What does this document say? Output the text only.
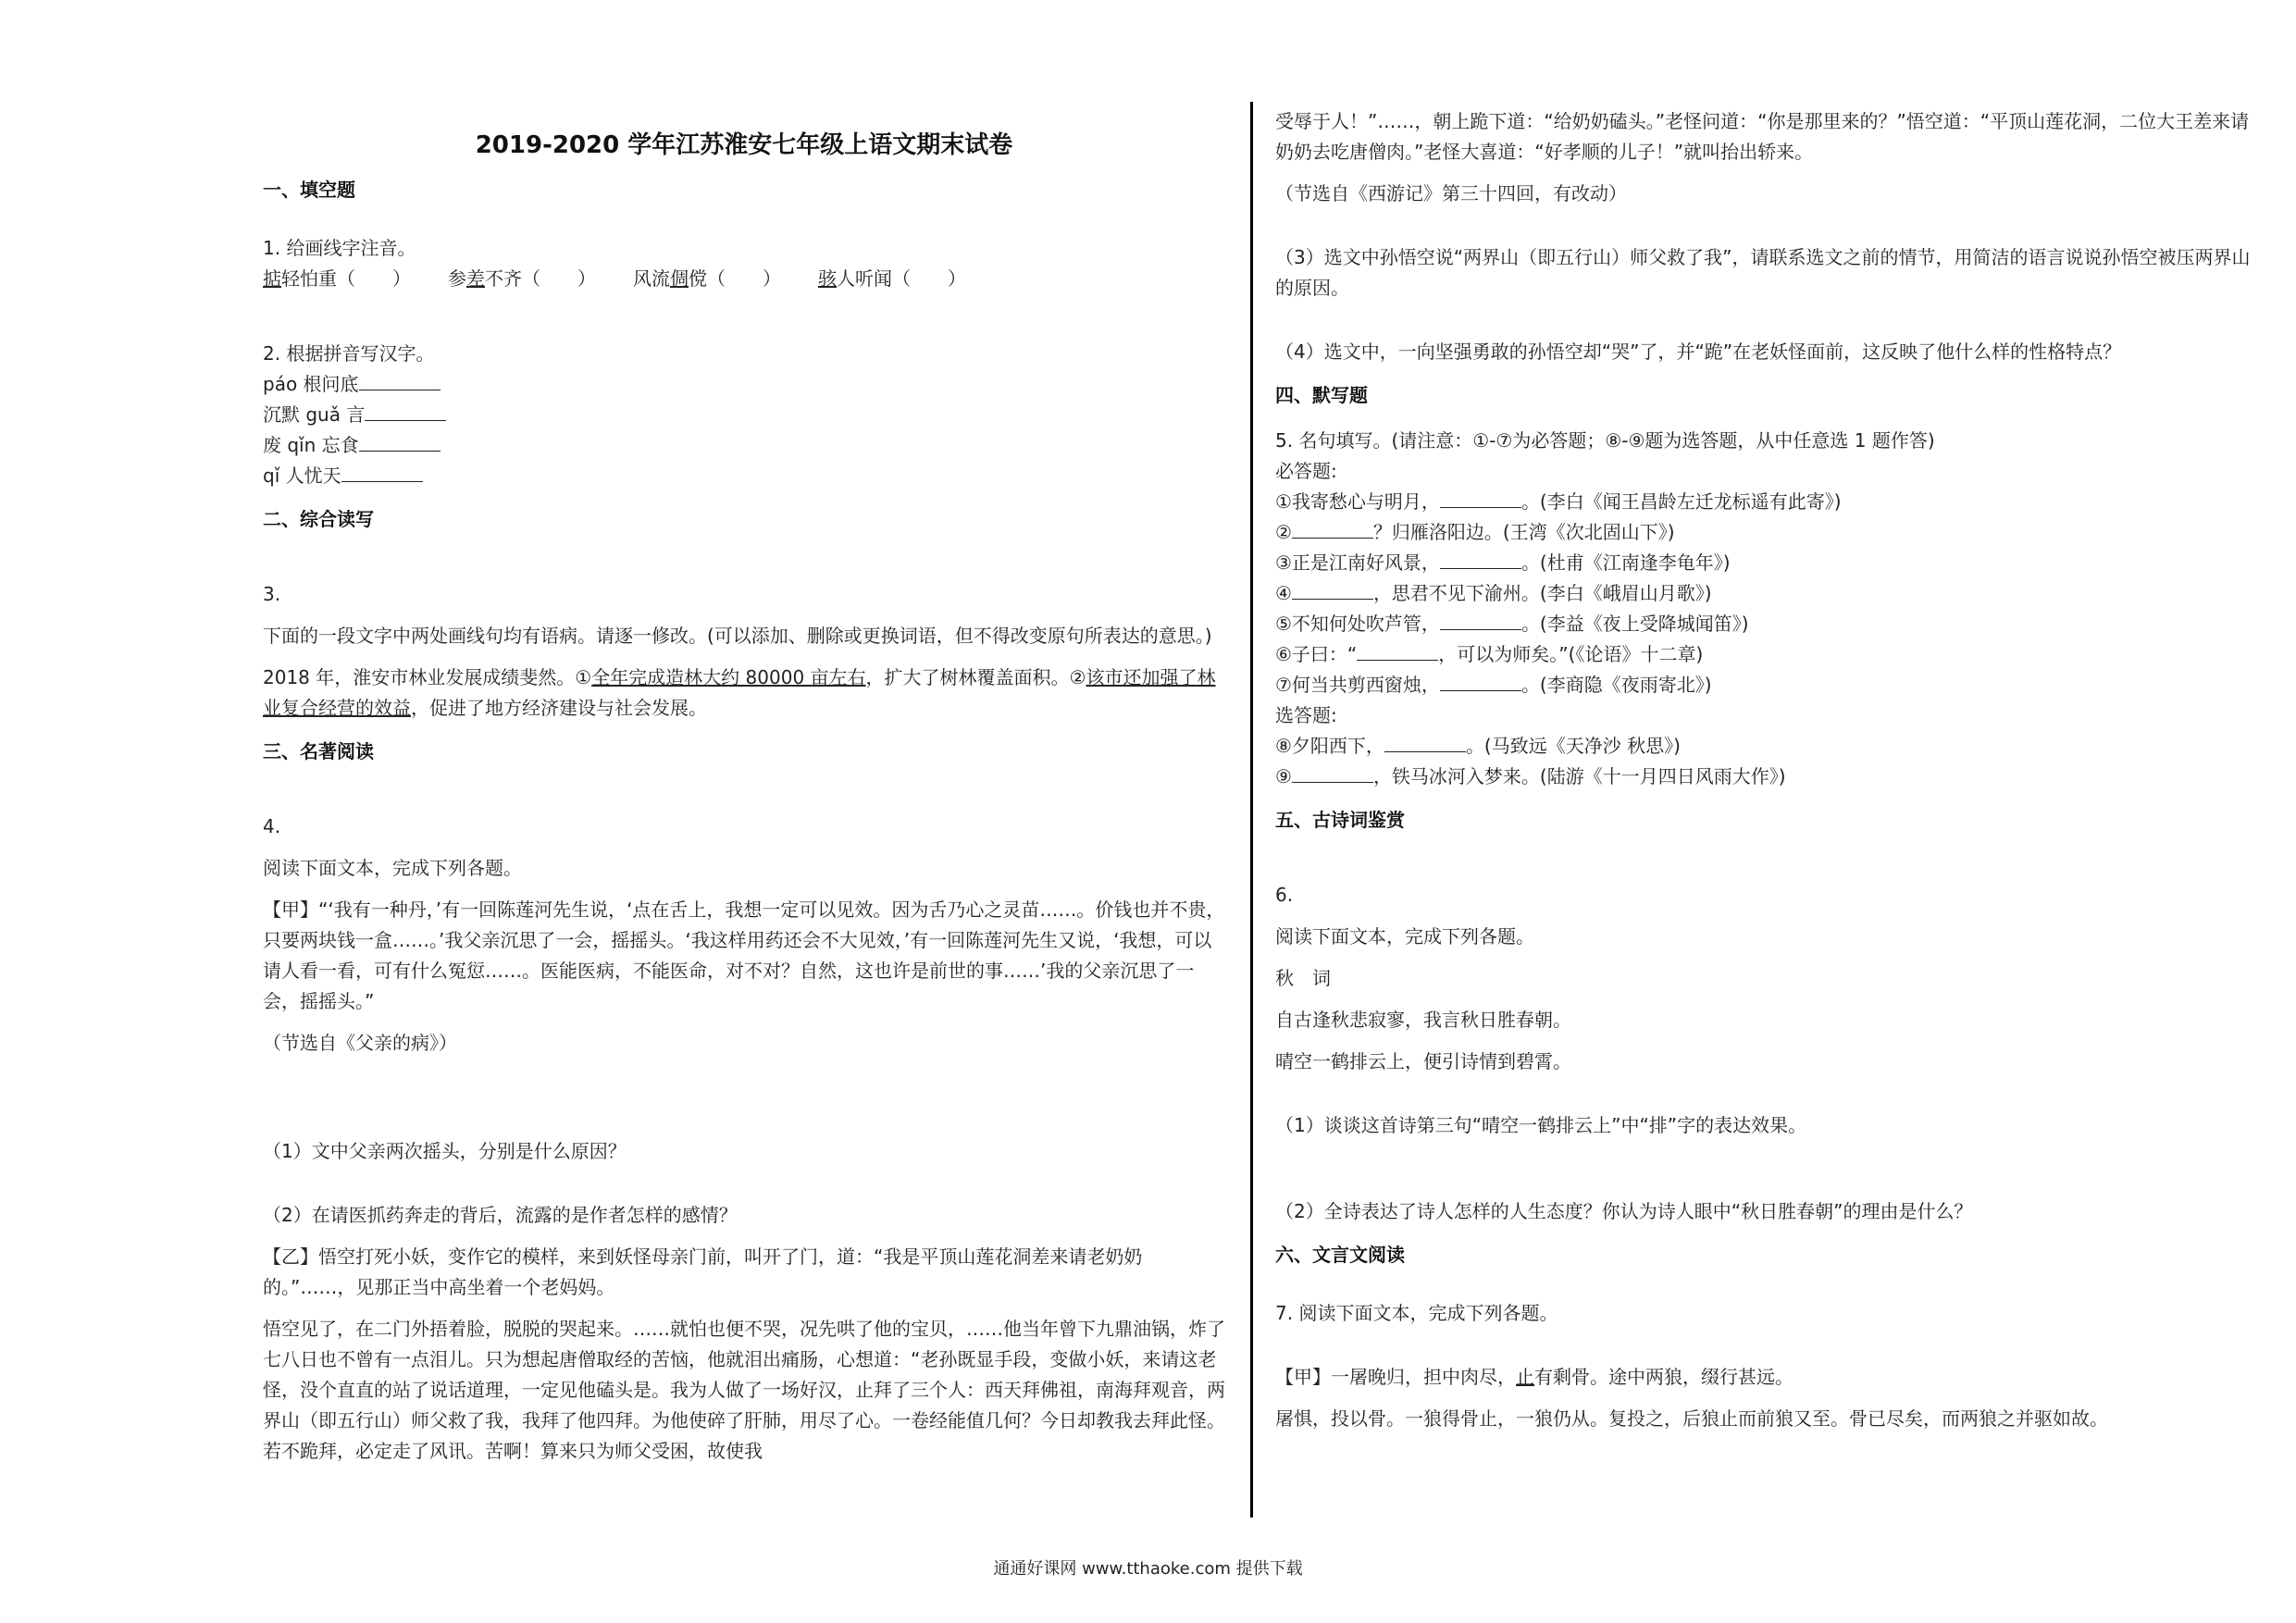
2019-2020 学年江苏淮安七年级上语文期末试卷
一、填空题

1. 给画线字注音。

掂轻怕重（　　） 参差不齐（　　） 风流倜傥（　　） 骇人听闻（　　）

2. 根据拼音写汉字。

páo 根问底

沉默 guǎ 言

废 qǐn 忘食

qǐ 人忧天

二、综合读写

3.

下面的一段文字中两处画线句均有语病。请逐一修改。(可以添加、删除或更换词语，但不得改变原句所表达的意思。)

2018 年，淮安市林业发展成绩斐然。①全年完成造林大约 80000 亩左右，扩大了树林覆盖面积。②该市还加强了林业复合经营的效益，促进了地方经济建设与社会发展。

三、名著阅读

4.

阅读下面文本，完成下列各题。

【甲】“‘我有一种丹，’有一回陈莲河先生说，‘点在舌上，我想一定可以见效。因为舌乃心之灵苗……。价钱也并不贵，只要两块钱一盒……。’我父亲沉思了一会，摇摇头。‘我这样用药还会不大见效，’有一回陈莲河先生又说，‘我想，可以请人看一看，可有什么冤愆……。医能医病，不能医命，对不对？自然，这也许是前世的事……’我的父亲沉思了一会，摇摇头。”

（节选自《父亲的病》）

（1）文中父亲两次摇头，分别是什么原因？

（2）在请医抓药奔走的背后，流露的是作者怎样的感情？

【乙】悟空打死小妖，变作它的模样，来到妖怪母亲门前，叫开了门，道：“我是平顶山莲花洞差来请老奶奶的。”……，见那正当中高坐着一个老妈妈。

悟空见了，在二门外捂着脸，脱脱的哭起来。……就怕也便不哭，况先哄了他的宝贝，……他当年曾下九鼎油锅，炸了七八日也不曾有一点泪儿。只为想起唐僧取经的苦恼，他就泪出痛肠，心想道：“老孙既显手段，变做小妖，来请这老怪，没个直直的站了说话道理，一定见他磕头是。我为人做了一场好汉，止拜了三个人：西天拜佛祖，南海拜观音，两界山（即五行山）师父救了我，我拜了他四拜。为他使碎了肝肺，用尽了心。一卷经能值几何？今日却教我去拜此怪。若不跪拜，必定走了风讯。苦啊！算来只为师父受困，故使我

受辱于人！”……，朝上跪下道：“给奶奶磕头。”老怪问道：“你是那里来的？”悟空道：“平顶山莲花洞，二位大王差来请奶奶去吃唐僧肉。”老怪大喜道：“好孝顺的儿子！”就叫抬出轿来。

（节选自《西游记》第三十四回，有改动）

（3）选文中孙悟空说“两界山（即五行山）师父救了我”，请联系选文之前的情节，用简洁的语言说说孙悟空被压两界山的原因。

（4）选文中，一向坚强勇敢的孙悟空却“哭”了，并“跪”在老妖怪面前，这反映了他什么样的性格特点？

四、默写题

5. 名句填写。(请注意：①-⑦为必答题；⑧-⑨题为选答题，从中任意选 1 题作答)

必答题:

①我寄愁心与明月，	。(李白《闻王昌龄左迁龙标遥有此寄》)

②	？归雁洛阳边。(王湾《次北固山下》)

③正是江南好风景，	。(杜甫《江南逢李龟年》)

④	，思君不见下渝州。(李白《峨眉山月歌》)

⑤不知何处吹芦管，	。(李益《夜上受降城闻笛》)

⑥子曰：“	，可以为师矣。”(《论语》十二章)

⑦何当共剪西窗烛，	。(李商隐《夜雨寄北》)

选答题:

⑧夕阳西下，	。(马致远《天净沙 秋思》)

⑨	，铁马冰河入梦来。(陆游《十一月四日风雨大作》)

五、古诗词鉴赏

6.

阅读下面文本，完成下列各题。

秋　词

自古逢秋悲寂寥，我言秋日胜春朝。

晴空一鹤排云上，便引诗情到碧霄。

（1）谈谈这首诗第三句“晴空一鹤排云上”中“排”字的表达效果。

（2）全诗表达了诗人怎样的人生态度？你认为诗人眼中“秋日胜春朝”的理由是什么？

六、文言文阅读

7. 阅读下面文本，完成下列各题。

【甲】一屠晚归，担中肉尽，止有剩骨。途中两狼，缀行甚远。

屠惧，投以骨。一狼得骨止，一狼仍从。复投之，后狼止而前狼又至。骨已尽矣，而两狼之并驱如故。

通通好课网 www.tthaoke.com 提供下载
